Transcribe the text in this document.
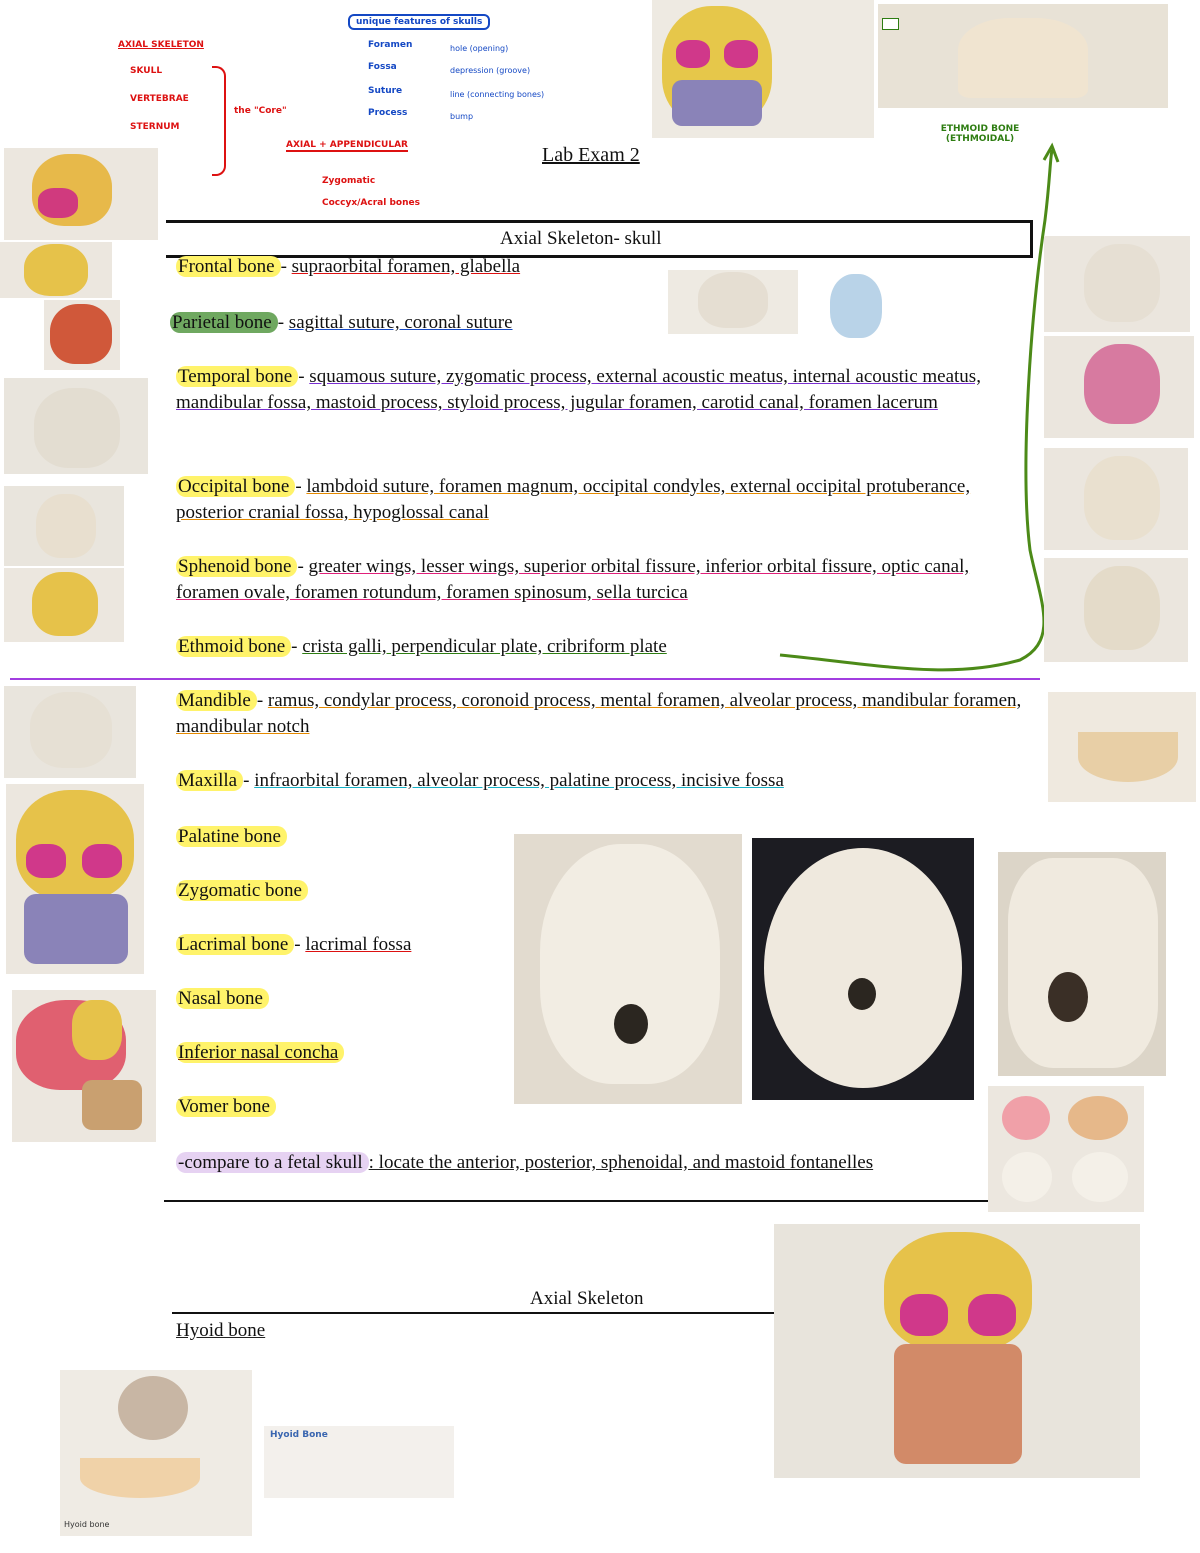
AXIAL SKELETON
SKULL
VERTEBRAE
STERNUM
the "Core"
AXIAL + APPENDICULAR
Zygomatic
Coccyx/Acral bones
unique features of skulls
Foramen	hole (opening)
Fossa	depression (groove)
Suture	line (connecting bones)
Process	bump
Lab Exam 2
Axial Skeleton- skull
Frontal bone - supraorbital foramen, glabella
Parietal bone - sagittal suture, coronal suture
Temporal bone - squamous suture, zygomatic process, external acoustic meatus, internal acoustic meatus, mandibular fossa, mastoid process, styloid process, jugular foramen, carotid canal, foramen lacerum
Occipital bone - lambdoid suture, foramen magnum, occipital condyles, external occipital protuberance, posterior cranial fossa, hypoglossal canal
Sphenoid bone - greater wings, lesser wings, superior orbital fissure, inferior orbital fissure, optic canal, foramen ovale, foramen rotundum, foramen spinosum, sella turcica
Ethmoid bone - crista galli, perpendicular plate, cribriform plate
Mandible - ramus, condylar process, coronoid process, mental foramen, alveolar process, mandibular foramen, mandibular notch
Maxilla - infraorbital foramen, alveolar process, palatine process, incisive fossa
Palatine bone
Zygomatic bone
Lacrimal bone - lacrimal fossa
Nasal bone
Inferior nasal concha
Vomer bone
-compare to a fetal skull : locate the anterior, posterior, sphenoidal, and mastoid fontanelles
Axial Skeleton
Hyoid bone
ETHMOID BONE (ETHMOIDAL)

Hyoid bone
Hyoid Bone
